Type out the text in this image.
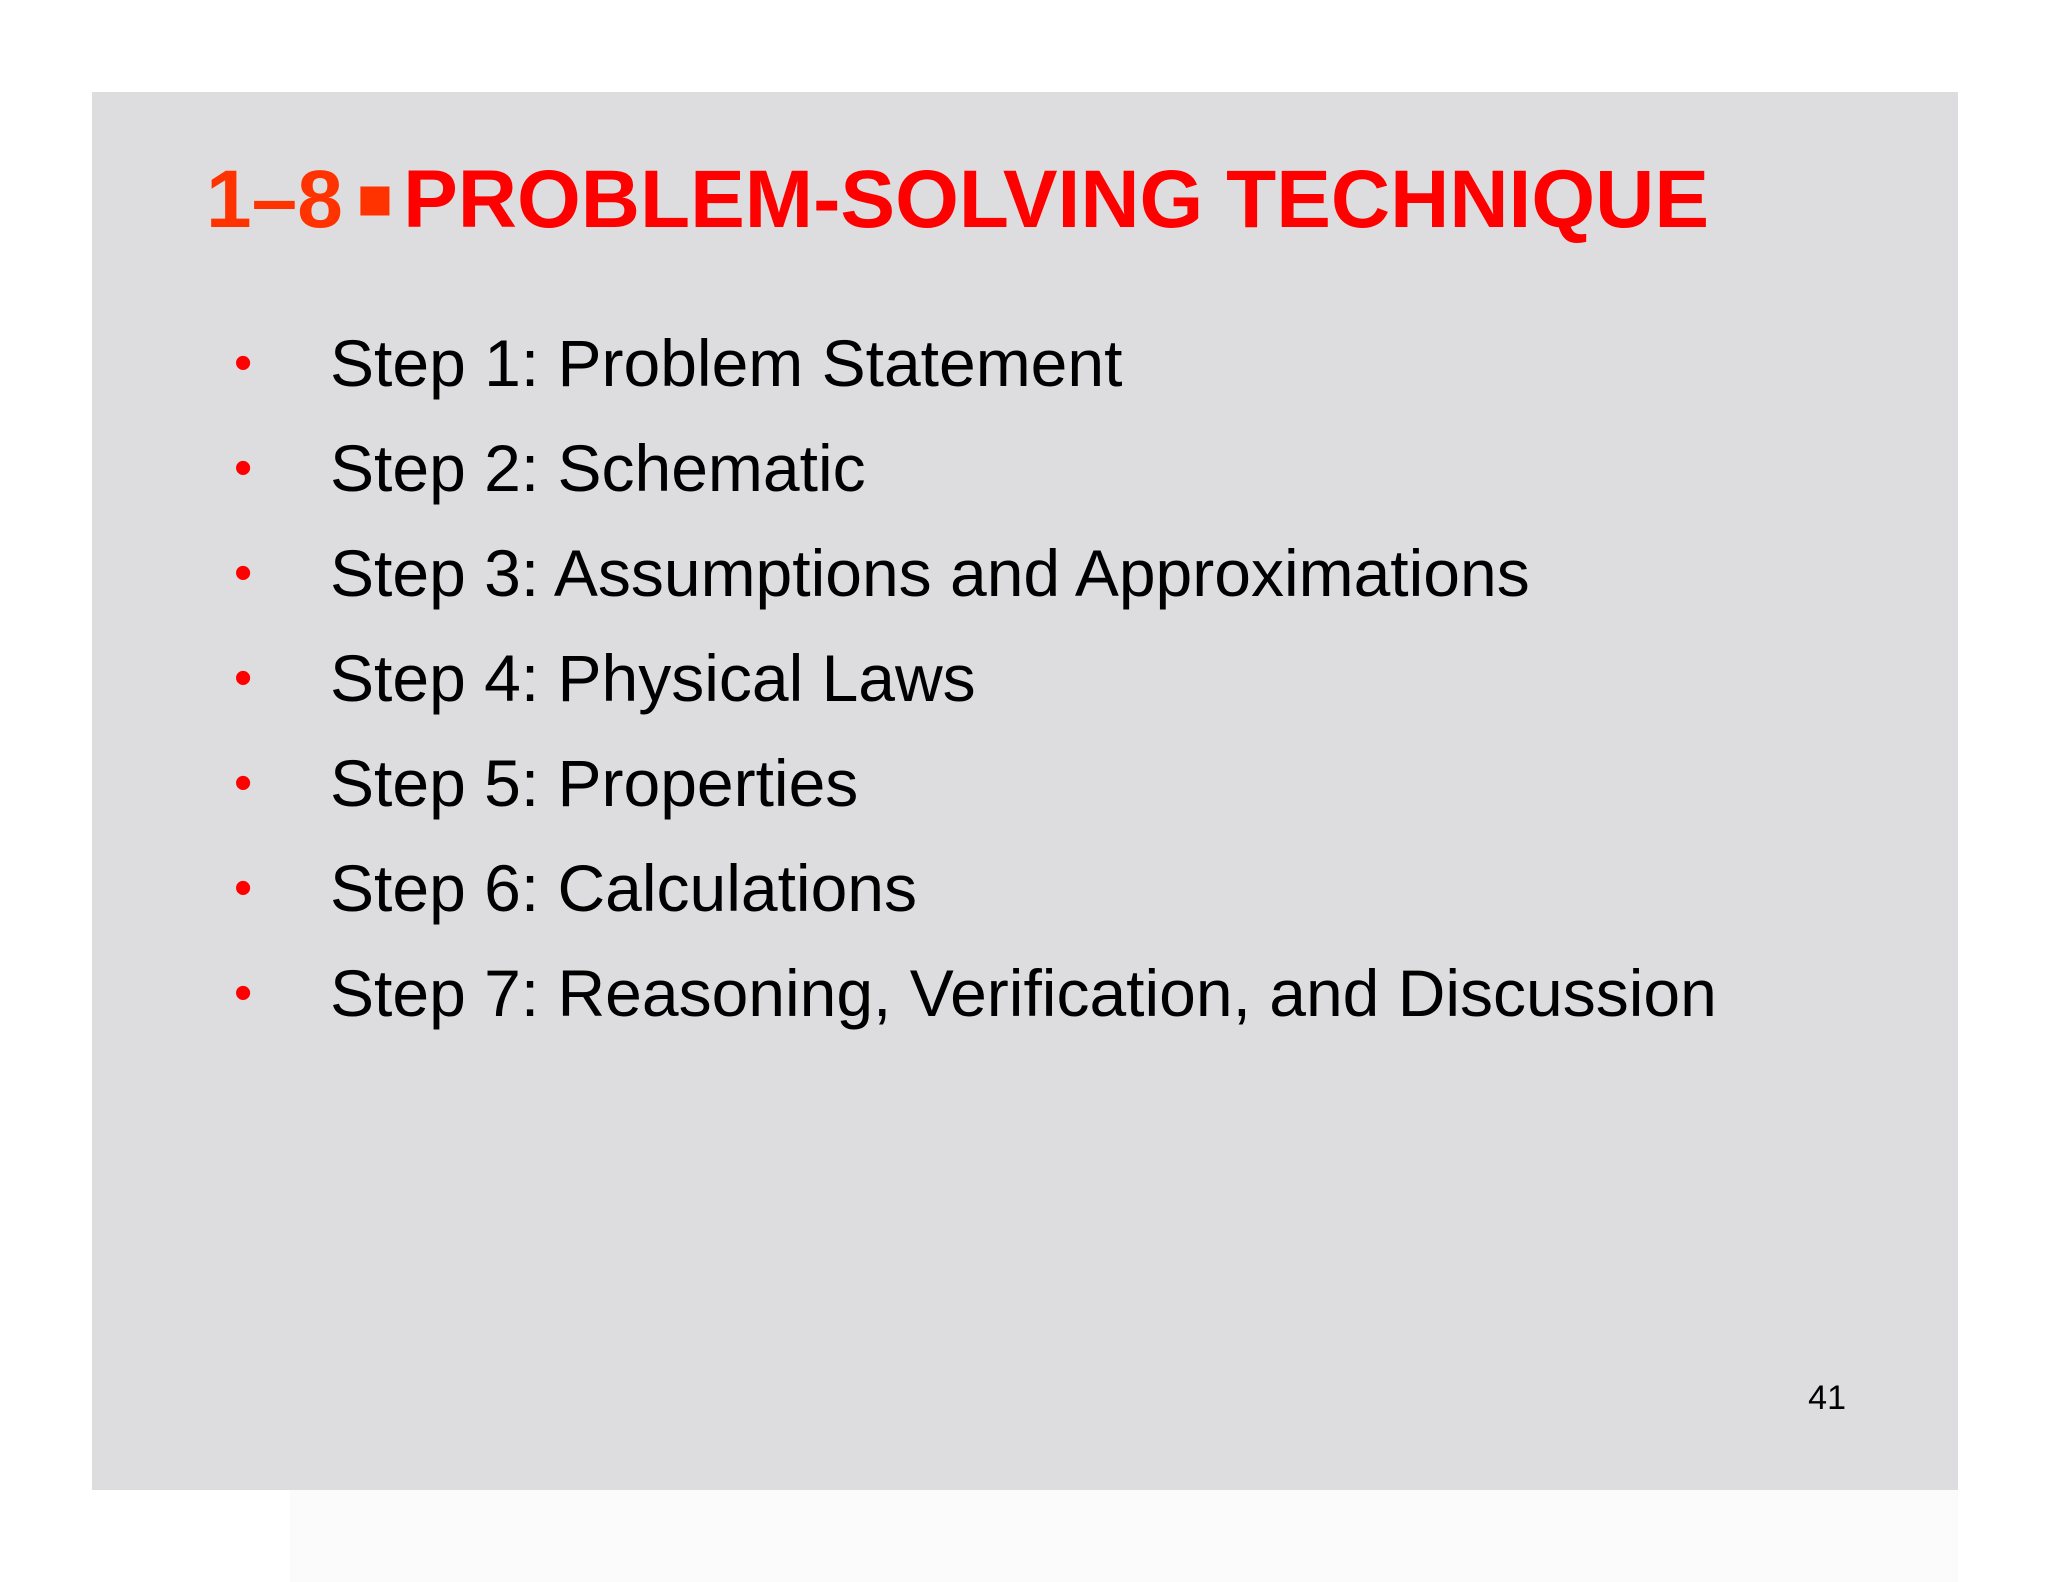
1–8 ■ PROBLEM-SOLVING TECHNIQUE
•	Step 1: Problem Statement
•	Step 2: Schematic
•	Step 3: Assumptions and Approximations
•	Step 4: Physical Laws
•	Step 5: Properties
•	Step 6: Calculations
•	Step 7: Reasoning, Verification, and Discussion
41
